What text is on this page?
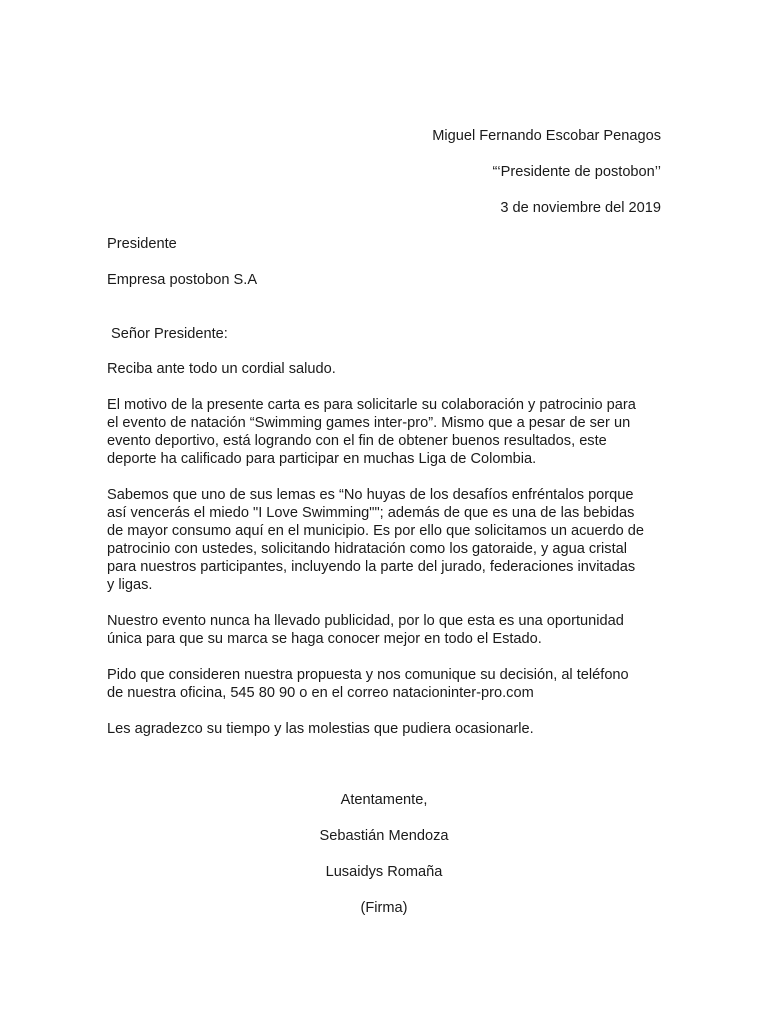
Miguel Fernando Escobar Penagos
“‘Presidente de postobon’’
3 de noviembre del 2019
Presidente
Empresa postobon S.A
Señor Presidente:
Reciba ante todo un cordial saludo.
El motivo de la presente carta es para solicitarle su colaboración y patrocinio para
el evento de natación “Swimming games inter-pro”. Mismo que a pesar de ser un
evento deportivo, está logrando con el fin de obtener buenos resultados, este
deporte ha calificado para participar en muchas Liga de Colombia.
Sabemos que uno de sus lemas es “No huyas de los desafíos enfréntalos porque
así vencerás el miedo "I Love Swimming""; además de que es una de las bebidas
de mayor consumo aquí en el municipio. Es por ello que solicitamos un acuerdo de
patrocinio con ustedes, solicitando hidratación como los gatoraide, y agua cristal
para nuestros participantes, incluyendo la parte del jurado, federaciones invitadas
y ligas.
Nuestro evento nunca ha llevado publicidad, por lo que esta es una oportunidad
única para que su marca se haga conocer mejor en todo el Estado.
Pido que consideren nuestra propuesta y nos comunique su decisión, al teléfono
de nuestra oficina, 545 80 90 o en el correo natacioninter-pro.com
Les agradezco su tiempo y las molestias que pudiera ocasionarle.
Atentamente,
Sebastián Mendoza
Lusaidys Romaña
(Firma)
